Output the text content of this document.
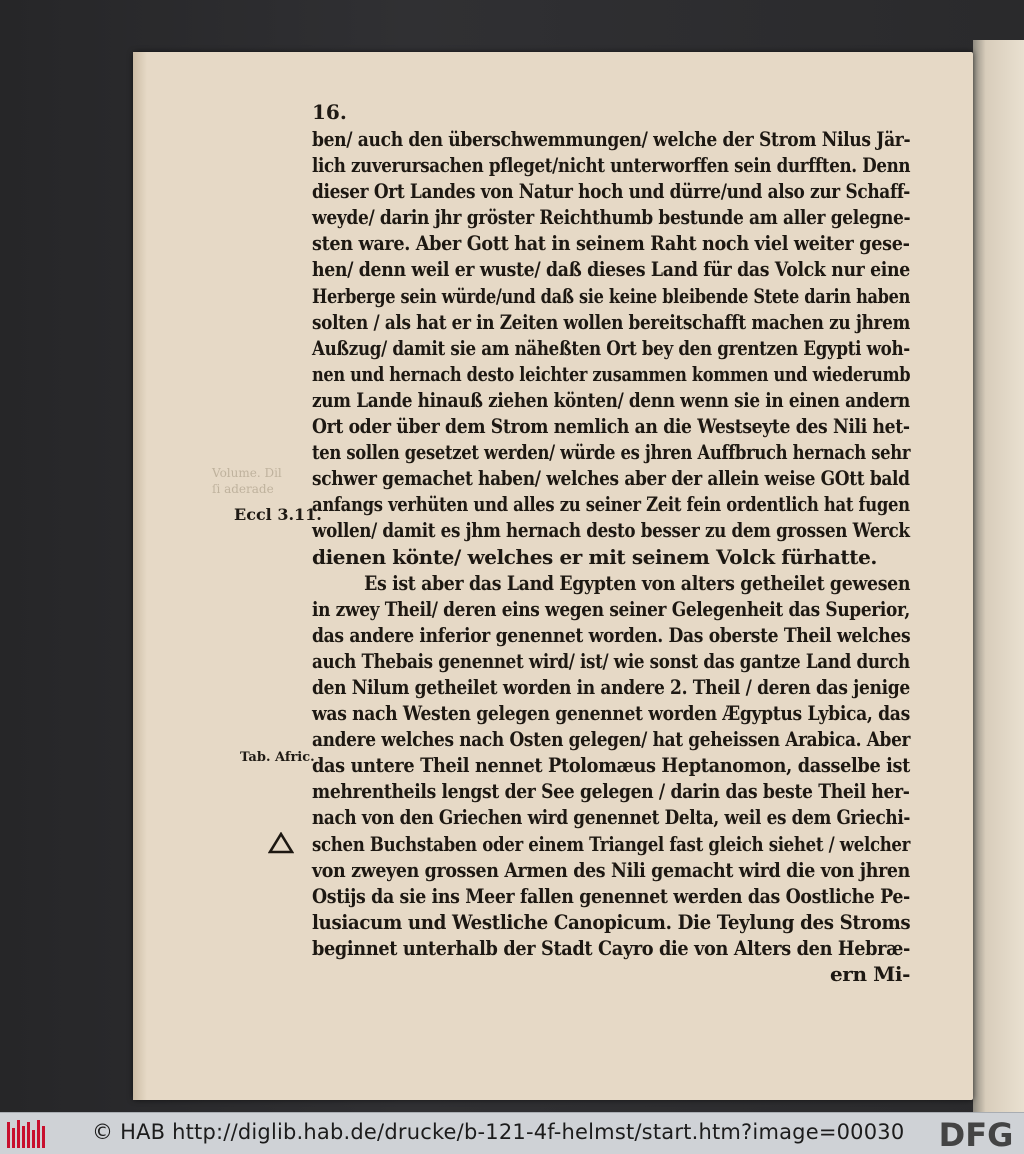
Volume. Dil
ſi aderade

16.

ben/ auch den überschwemmungen/ welche der Strom Nilus Jär-
lich zuverursachen pfleget/nicht unterworffen sein durfften. Denn
dieser Ort Landes von Natur hoch und dürre/und also zur Schaff-
weyde/ darin jhr gröster Reichthumb bestunde am aller gelegne-
sten ware. Aber Gott hat in seinem Raht noch viel weiter gese-
hen/ denn weil er wuste/ daß dieses Land für das Volck nur eine
Herberge sein würde/und daß sie keine bleibende Stete darin haben
solten / als hat er in Zeiten wollen bereitschafft machen zu jhrem
Außzug/ damit sie am näheßten Ort bey den grentzen Egypti woh-
nen und hernach desto leichter zusammen kommen und wiederumb
zum Lande hinauß ziehen könten/ denn wenn sie in einen andern
Ort oder über dem Strom nemlich an die Westseyte des Nili het-
ten sollen gesetzet werden/ würde es jhren Auffbruch hernach sehr
schwer gemachet haben/ welches aber der allein weise GOtt bald
anfangs verhüten und alles zu seiner Zeit fein ordentlich hat fugen
wollen/ damit es jhm hernach desto besser zu dem grossen Werck
dienen könte/ welches er mit seinem Volck fürhatte.
Es ist aber das Land Egypten von alters getheilet gewesen
in zwey Theil/ deren eins wegen seiner Gelegenheit das Superior,
das andere inferior genennet worden. Das oberste Theil welches
auch Thebais genennet wird/ ist/ wie sonst das gantze Land durch
den Nilum getheilet worden in andere 2. Theil / deren das jenige
was nach Westen gelegen genennet worden Ægyptus Lybica, das
andere welches nach Osten gelegen/ hat geheissen Arabica. Aber
das untere Theil nennet Ptolomæus Heptanomon, dasselbe ist
mehrentheils lengst der See gelegen / darin das beste Theil her-
nach von den Griechen wird genennet Delta, weil es dem Griechi-
schen Buchstaben oder einem Triangel fast gleich siehet / welcher
von zweyen grossen Armen des Nili gemacht wird die von jhren
Ostijs da sie ins Meer fallen genennet werden das Oostliche Pe-
lusiacum und Westliche Canopicum. Die Teylung des Stroms
beginnet unterhalb der Stadt Cayro die von Alters den Hebræ-
ern Mi-

Eccl 3.11.

Tab. Afric.

© HAB http://diglib.hab.de/drucke/b-121-4f-helmst/start.htm?image=00030 DFG
